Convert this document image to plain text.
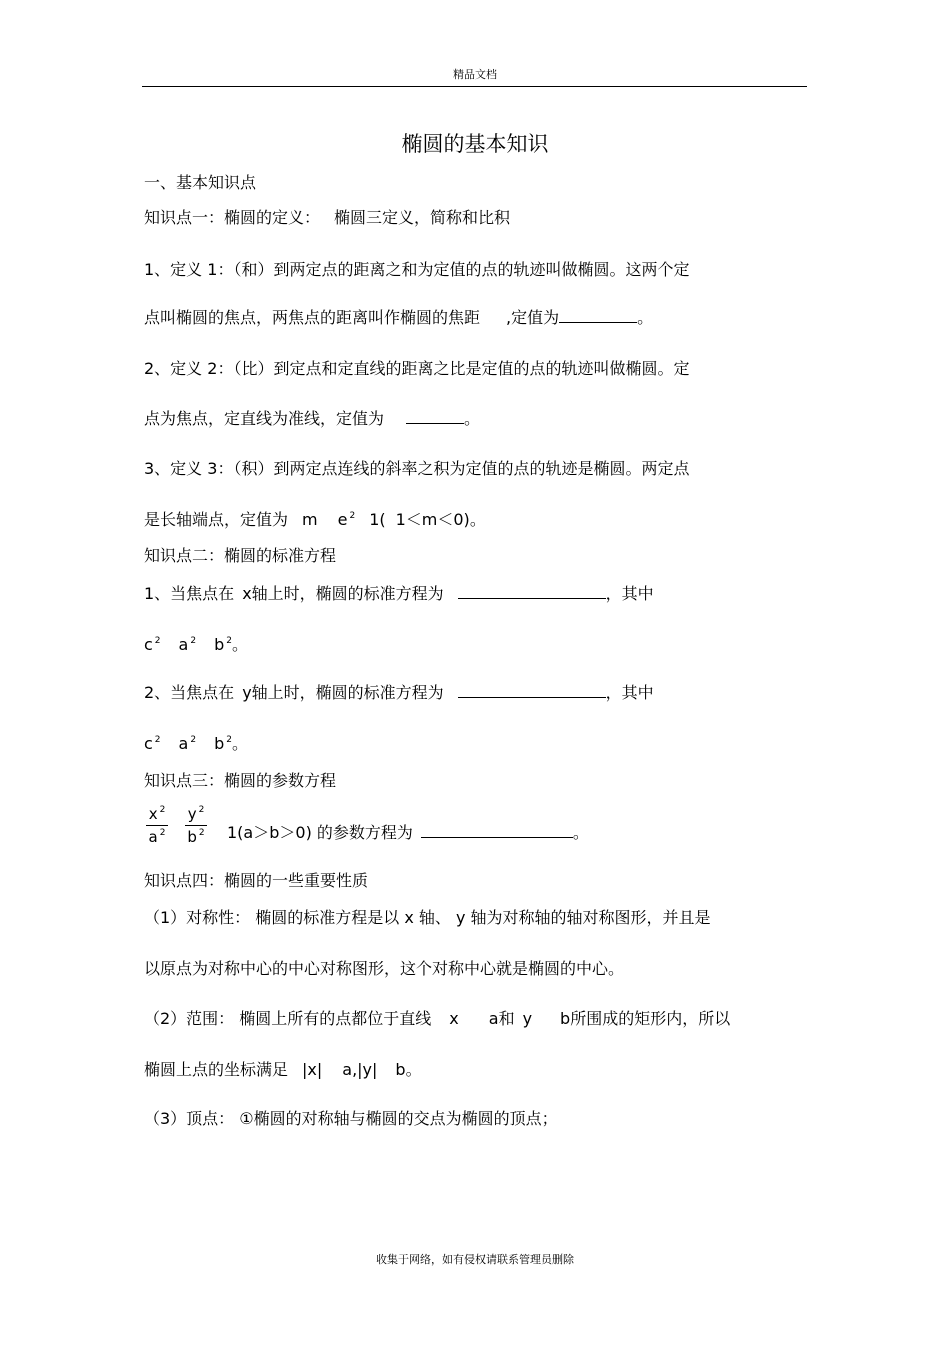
精品文档
椭圆的基本知识
一、基本知识点
知识点一：椭圆的定义： 椭圆三定义，简称和比积
1、定义 1：（和）到两定点的距离之和为定值的点的轨迹叫做椭圆。这两个定
点叫椭圆的焦点，两焦点的距离叫作椭圆的焦距 ,定值为	。
2、定义 2：（比）到定点和定直线的距离之比是定值的点的轨迹叫做椭圆。定
点为焦点，定直线为准线，定值为	。
3、定义 3：（积）到两定点连线的斜率之积为定值的点的轨迹是椭圆。两定点
是长轴端点，定值为 m e $^2$ 1( 1＜m＜0)。
知识点二：椭圆的标准方程
1、当焦点在 x轴上时，椭圆的标准方程为	，其中
c $^2$ a $^2$ b $^2$。
2、当焦点在 y轴上时，椭圆的标准方程为	，其中
c $^2$ a $^2$ b $^2$。
知识点三：椭圆的参数方程
x $^2$
a $^2$
y $^2$
b $^2$ 1(a＞b＞0) 的参数方程为	。
知识点四：椭圆的一些重要性质
（1）对称性： 椭圆的标准方程是以 x 轴、 y 轴为对称轴的轴对称图形，并且是
以原点为对称中心的中心对称图形，这个对称中心就是椭圆的中心。
（2）范围： 椭圆上所有的点都位于直线 x a和 y b所围成的矩形内，所以
椭圆上点的坐标满足 |x| a,|y| b。
（3）顶点： ①椭圆的对称轴与椭圆的交点为椭圆的顶点；
收集于网络，如有侵权请联系管理员删除
